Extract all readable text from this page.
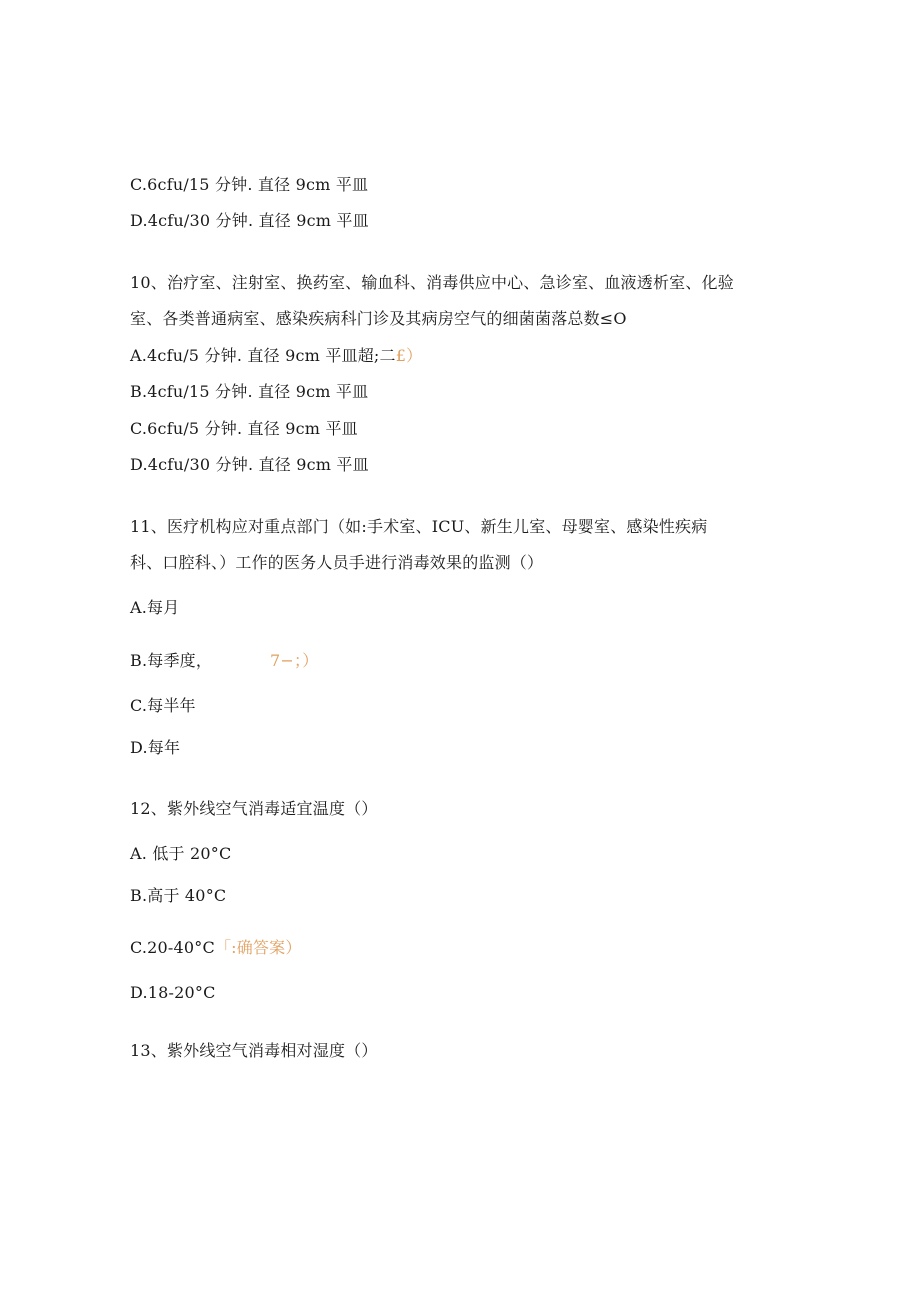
C.6cfu/15 分钟. 直径 9cm 平皿
D.4cfu/30 分钟. 直径 9cm 平皿
10、治疗室、注射室、换药室、输血科、消毒供应中心、急诊室、血液透析室、化验
室、各类普通病室、感染疾病科门诊及其病房空气的细菌菌落总数≤O
A.4cfu/5 分钟. 直径 9cm 平皿超;二£）
B.4cfu/15 分钟. 直径 9cm 平皿
C.6cfu/5 分钟. 直径 9cm 平皿
D.4cfu/30 分钟. 直径 9cm 平皿
11、医疗机构应对重点部门（如:手术室、ICU、新生儿室、母婴室、感染性疾病
科、口腔科、）工作的医务人员手进行消毒效果的监测（）
A.每月
B.每季度，	7−；）
C.每半年
D.每年
12、紫外线空气消毒适宜温度（）
A. 低于 20°C
B.高于 40°C
C.20-40°C「:确答案）
D.18-20°C
13、紫外线空气消毒相对湿度（）
